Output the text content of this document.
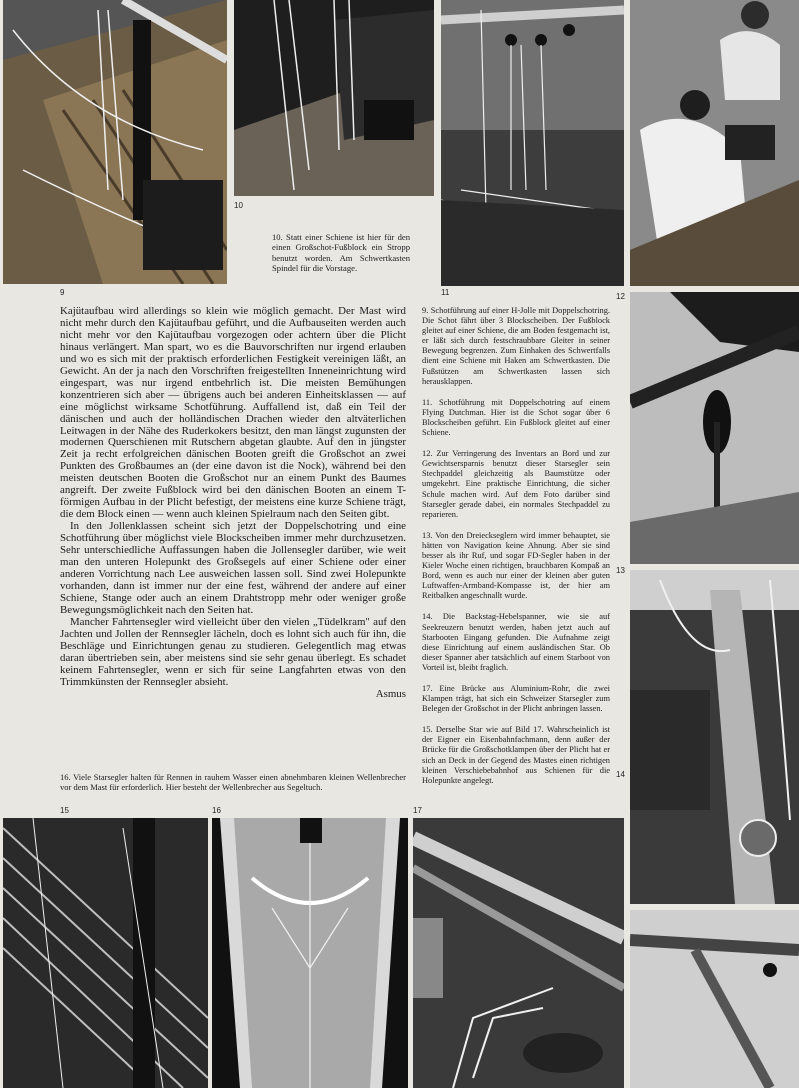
9
10
11	12
13
14
15	16	17
10. Statt einer Schiene ist hier für den einen Großschot-Fußblock ein Stropp benutzt worden. Am Schwertkasten Spindel für die Vorstage.

Kajütaufbau wird allerdings so klein wie möglich gemacht. Der Mast wird nicht mehr durch den Kajütaufbau geführt, und die Aufbauseiten werden auch nicht mehr vor den Kajütaufbau vorgezogen oder achtern über die Plicht hinaus verlängert. Man spart, wo es die Bauvorschriften nur irgend erlauben und wo es sich mit der praktisch erforderlichen Festigkeit vereinigen läßt, an Gewicht. An der ja nach den Vorschriften freigestellten Inneneinrichtung wird eingespart, was nur irgend entbehrlich ist. Die meisten Bemühungen konzentrieren sich aber — übrigens auch bei anderen Einheitsklassen — auf eine möglichst wirksame Schotführung. Auffallend ist, daß ein Teil der dänischen und auch der holländischen Drachen wieder den altväterlichen Leitwagen in der Nähe des Ruderkokers besitzt, den man längst zugunsten der modernen Querschienen mit Rutschern abgetan glaubte. Auf den in jüngster Zeit ja recht erfolgreichen dänischen Booten greift die Großschot an zwei Punkten des Großbaumes an (der eine davon ist die Nock), während bei den meisten deutschen Booten die Großschot nur an einem Punkt des Baumes angreift. Der zweite Fußblock wird bei den dänischen Booten an einem T-förmigen Aufbau in der Plicht befestigt, der meistens eine kurze Schiene trägt, die dem Block einen — wenn auch kleinen Spielraum nach den Seiten gibt.

In den Jollenklassen scheint sich jetzt der Doppelschotring und eine Schotführung über möglichst viele Blockscheiben immer mehr durchzusetzen. Sehr unterschiedliche Auffassungen haben die Jollensegler darüber, wie weit man den unteren Holepunkt des Großsegels auf einer Schiene oder einer anderen Vorrichtung nach Lee ausweichen lassen soll. Sind zwei Holepunkte vorhanden, dann ist immer nur der eine fest, während der andere auf einer Schiene, Stange oder auch an einem Drahtstropp mehr oder weniger große Bewegungsmöglichkeit nach den Seiten hat.

Mancher Fahrtensegler wird vielleicht über den vielen „Tüdelkram" auf den Jachten und Jollen der Rennsegler lächeln, doch es lohnt sich auch für ihn, die Beschläge und Einrichtungen genau zu studieren. Gelegentlich mag etwas daran übertrieben sein, aber meistens sind sie sehr genau überlegt. Es schadet keinem Fahrtensegler, wenn er sich für seine Langfahrten etwas von den Trimmkünsten der Rennsegler absieht.

Asmus
16. Viele Starsegler halten für Rennen in rauhem Wasser einen abnehmbaren kleinen Wellenbrecher vor dem Mast für erforderlich. Hier besteht der Wellenbrecher aus Segeltuch.

9. Schotführung auf einer H-Jolle mit Doppelschotring. Die Schot fährt über 3 Blockscheiben. Der Fußblock gleitet auf einer Schiene, die am Boden festgemacht ist, er läßt sich durch festschraubbare Gleiter in seiner Bewegung begrenzen. Zum Einhaken des Schwertfalls dient eine Schiene mit Haken am Schwertkasten. Die Fußstützen am Schwertkasten lassen sich herausklappen.

11. Schotführung mit Doppelschotring auf einem Flying Dutchman. Hier ist die Schot sogar über 6 Blockscheiben geführt. Ein Fußblock gleitet auf einer Schiene.

12. Zur Verringerung des Inventars an Bord und zur Gewichtsersparnis benutzt dieser Starsegler sein Stechpaddel gleichzeitig als Baumstütze oder umgekehrt. Eine praktische Einrichtung, die sicher Schule machen wird. Auf dem Foto darüber sind Starsegler gerade dabei, ein normales Stechpaddel zu reparieren.

13. Von den Dreieckseglern wird immer behauptet, sie hätten von Navigation keine Ahnung. Aber sie sind besser als ihr Ruf, und sogar FD-Segler haben in der Kieler Woche einen richtigen, brauchbaren Kompaß an Bord, wenn es auch nur einer der kleinen aber guten Luftwaffen-Armband-Kompasse ist, der hier am Reitbalken angeschnallt wurde.

14. Die Backstag-Hebelspanner, wie sie auf Seekreuzern benutzt werden, haben jetzt auch auf Starbooten Eingang gefunden. Die Aufnahme zeigt diese Einrichtung auf einem ausländischen Star. Ob dieser Spanner aber tatsächlich auf einem Starboot von Vorteil ist, bleibt fraglich.

17. Eine Brücke aus Aluminium-Rohr, die zwei Klampen trägt, hat sich ein Schweizer Starsegler zum Belegen der Großschot in der Plicht anbringen lassen.

15. Derselbe Star wie auf Bild 17. Wahrscheinlich ist der Eigner ein Eisenbahnfachmann, denn außer der Brücke für die Großschotklampen über der Plicht hat er sich an Deck in der Gegend des Mastes einen richtigen kleinen Verschiebebahnhof aus Schienen für die Holepunkte angelegt.
